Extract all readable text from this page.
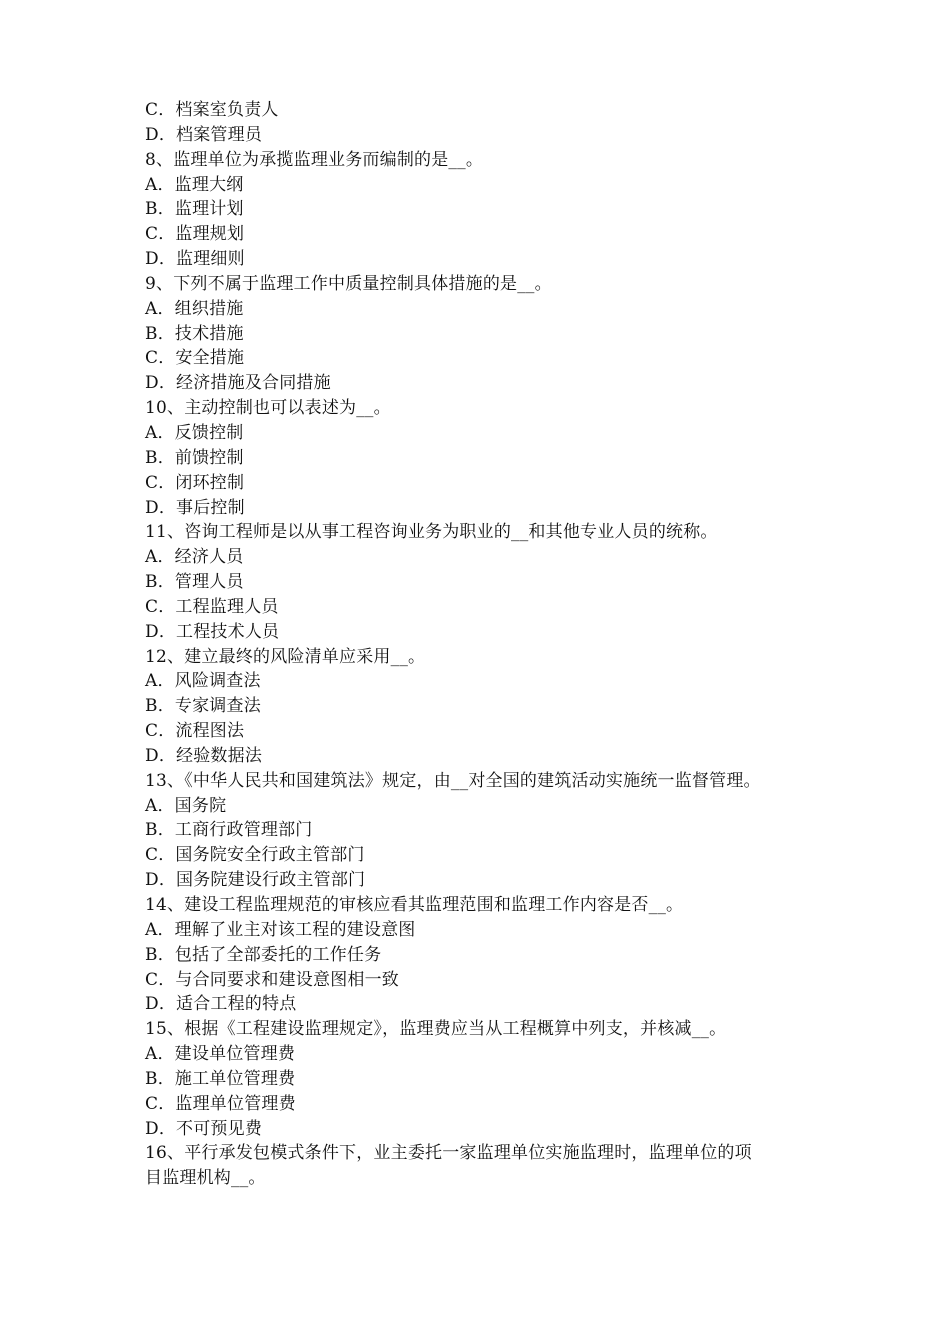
C．档案室负责人
D．档案管理员
8、监理单位为承揽监理业务而编制的是__。
A．监理大纲
B．监理计划
C．监理规划
D．监理细则
9、下列不属于监理工作中质量控制具体措施的是__。
A．组织措施
B．技术措施
C．安全措施
D．经济措施及合同措施
10、主动控制也可以表述为__。
A．反馈控制
B．前馈控制
C．闭环控制
D．事后控制
11、咨询工程师是以从事工程咨询业务为职业的__和其他专业人员的统称。
A．经济人员
B．管理人员
C．工程监理人员
D．工程技术人员
12、建立最终的风险清单应采用__。
A．风险调查法
B．专家调查法
C．流程图法
D．经验数据法
13、《中华人民共和国建筑法》规定，由__对全国的建筑活动实施统一监督管理。
A．国务院
B．工商行政管理部门
C．国务院安全行政主管部门
D．国务院建设行政主管部门
14、建设工程监理规范的审核应看其监理范围和监理工作内容是否__。
A．理解了业主对该工程的建设意图
B．包括了全部委托的工作任务
C．与合同要求和建设意图相一致
D．适合工程的特点
15、根据《工程建设监理规定》，监理费应当从工程概算中列支，并核减__。
A．建设单位管理费
B．施工单位管理费
C．监理单位管理费
D．不可预见费
16、平行承发包模式条件下，业主委托一家监理单位实施监理时，监理单位的项
目监理机构__。
